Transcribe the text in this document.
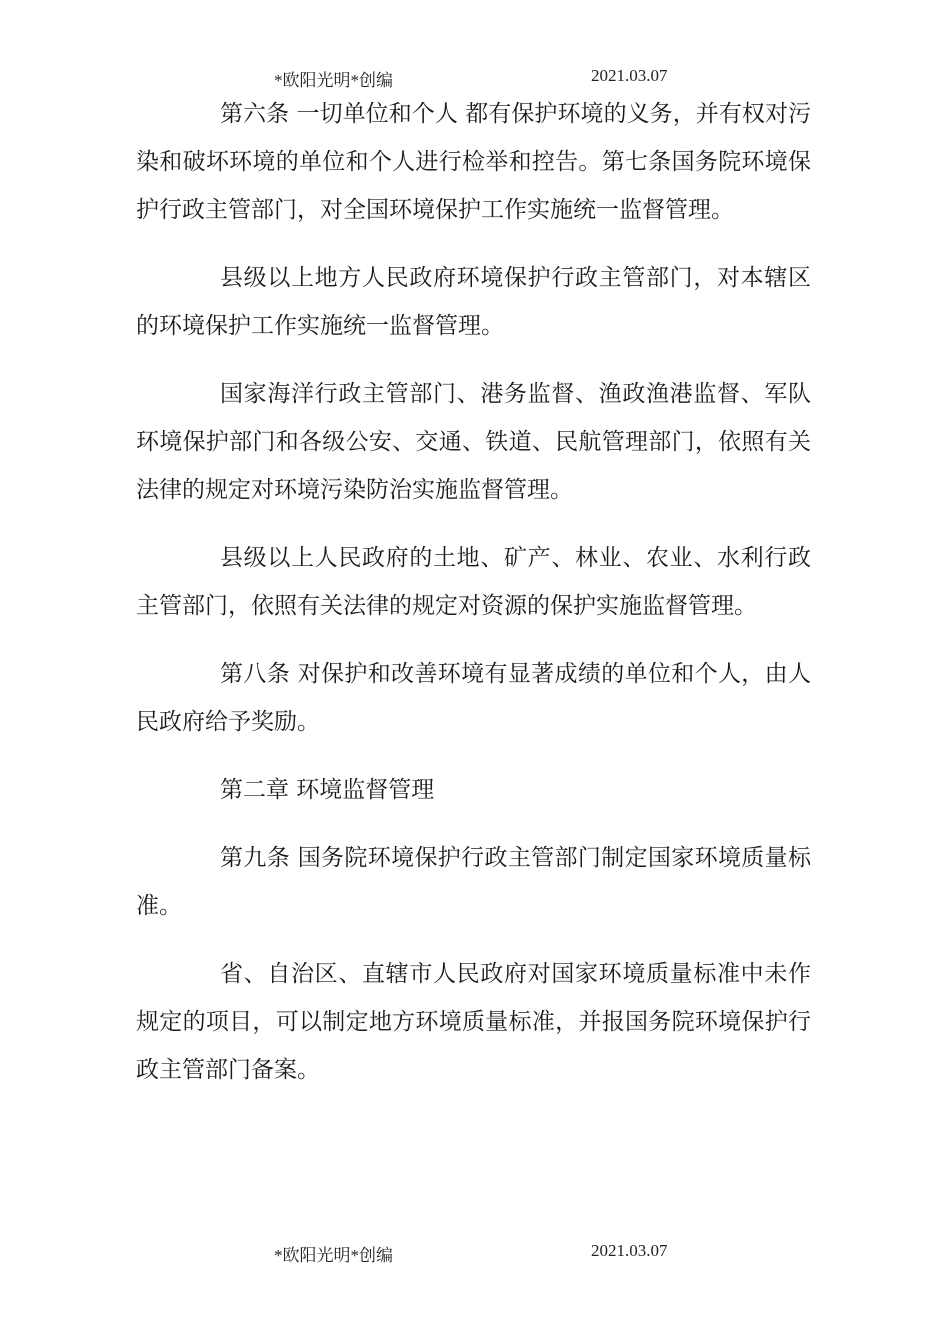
*欧阳光明*创编	2021.03.07

第六条 一切单位和个人 都有保护环境的义务，并有权对污染和破坏环境的单位和个人进行检举和控告。第七条国务院环境保护行政主管部门，对全国环境保护工作实施统一监督管理。

县级以上地方人民政府环境保护行政主管部门，对本辖区的环境保护工作实施统一监督管理。

国家海洋行政主管部门、港务监督、渔政渔港监督、军队环境保护部门和各级公安、交通、铁道、民航管理部门，依照有关法律的规定对环境污染防治实施监督管理。

县级以上人民政府的土地、矿产、林业、农业、水利行政主管部门，依照有关法律的规定对资源的保护实施监督管理。

第八条 对保护和改善环境有显著成绩的单位和个人，由人民政府给予奖励。

第二章 环境监督管理

第九条 国务院环境保护行政主管部门制定国家环境质量标准。

省、自治区、直辖市人民政府对国家环境质量标准中未作规定的项目，可以制定地方环境质量标准，并报国务院环境保护行政主管部门备案。

*欧阳光明*创编	2021.03.07
